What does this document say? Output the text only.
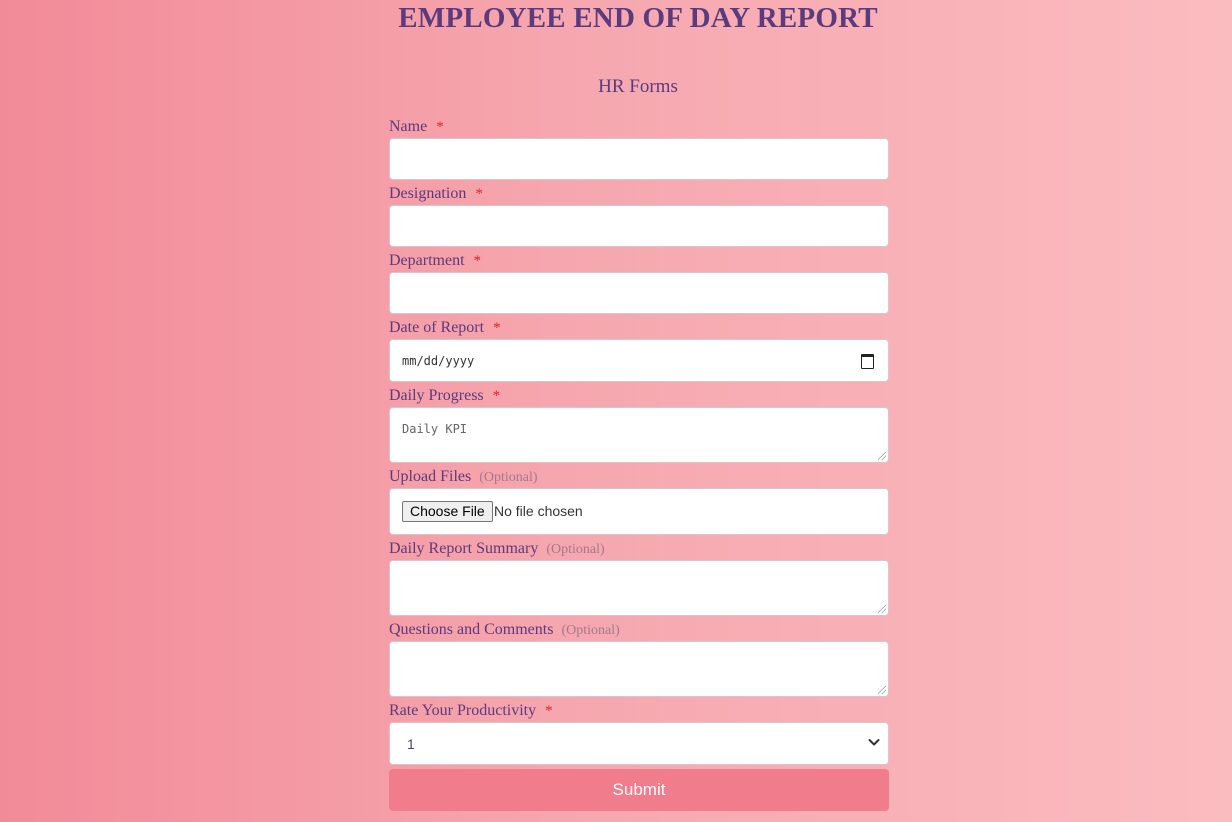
EMPLOYEE END OF DAY REPORT
HR Forms
Name *
Designation *
Department *
Date of Report *
mm/dd/yyyy
Daily Progress *
Daily KPI
Upload Files (Optional)
Choose File No file chosen
Daily Report Summary (Optional)
Questions and Comments (Optional)
Rate Your Productivity *
1
Submit
